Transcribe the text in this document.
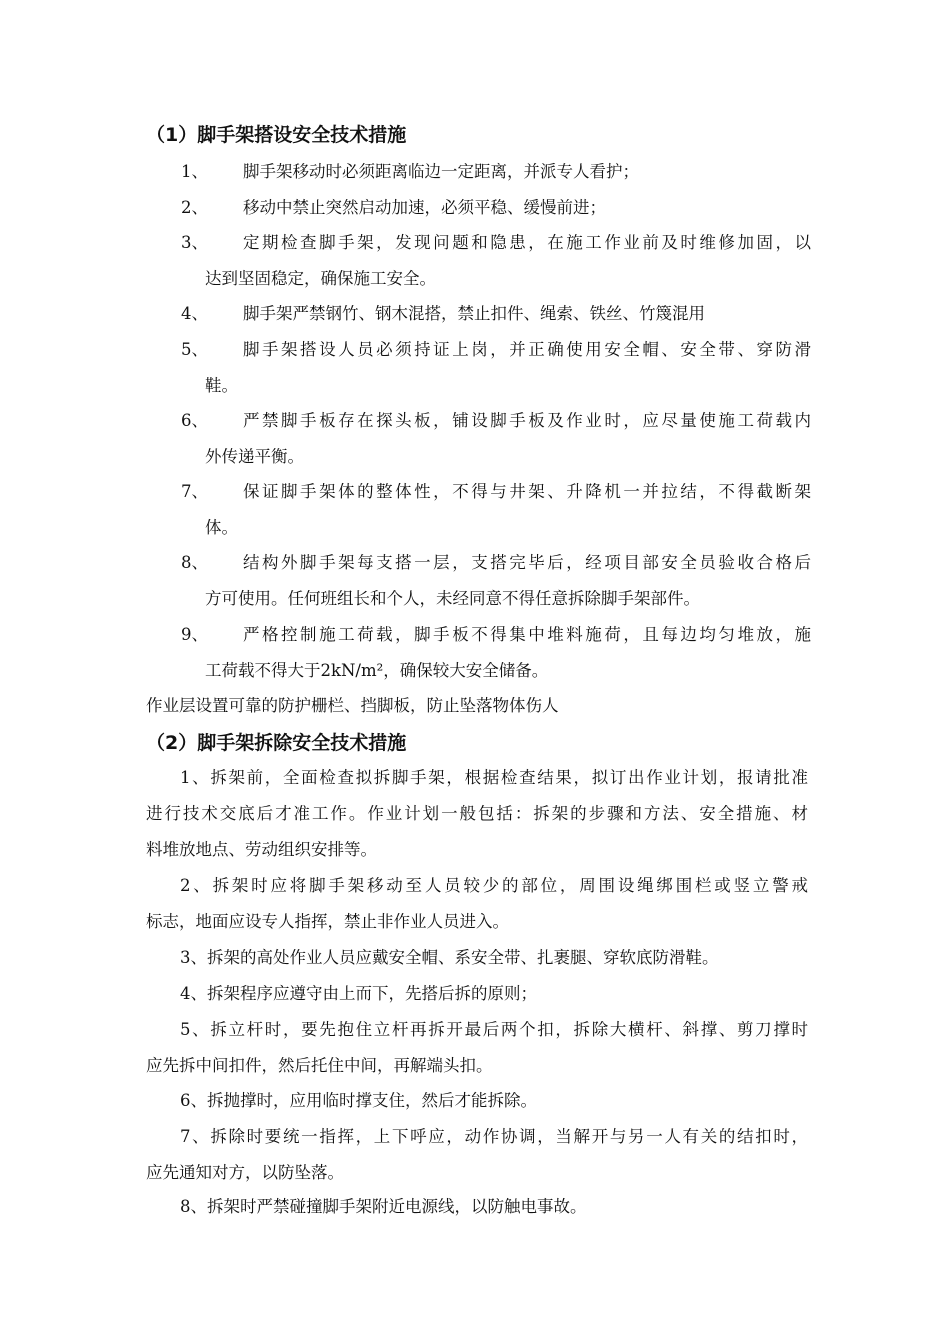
（1）脚手架搭设安全技术措施
1、	脚手架移动时必须距离临边一定距离，并派专人看护；
2、	移动中禁止突然启动加速，必须平稳、缓慢前进；
3、	定期检查脚手架，发现问题和隐患，在施工作业前及时维修加固，以
达到坚固稳定，确保施工安全。
4、	脚手架严禁钢竹、钢木混搭，禁止扣件、绳索、铁丝、竹篾混用
5、	脚手架搭设人员必须持证上岗，并正确使用安全帽、安全带、穿防滑
鞋。
6、	严禁脚手板存在探头板，铺设脚手板及作业时，应尽量使施工荷载内
外传递平衡。
7、	保证脚手架体的整体性，不得与井架、升降机一并拉结，不得截断架
体。
8、	结构外脚手架每支搭一层，支搭完毕后，经项目部安全员验收合格后
方可使用。任何班组长和个人，未经同意不得任意拆除脚手架部件。
9、	严格控制施工荷载，脚手板不得集中堆料施荷，且每边均匀堆放，施
工荷载不得大于2kN/m²，确保较大安全储备。
作业层设置可靠的防护栅栏、挡脚板，防止坠落物体伤人
（2）脚手架拆除安全技术措施
1、拆架前，全面检查拟拆脚手架，根据检查结果，拟订出作业计划，报请批准
进行技术交底后才准工作。作业计划一般包括：拆架的步骤和方法、安全措施、材
料堆放地点、劳动组织安排等。
2、拆架时应将脚手架移动至人员较少的部位，周围设绳绑围栏或竖立警戒
标志，地面应设专人指挥，禁止非作业人员进入。
3、拆架的高处作业人员应戴安全帽、系安全带、扎裹腿、穿软底防滑鞋。
4、拆架程序应遵守由上而下，先搭后拆的原则；
5、拆立杆时，要先抱住立杆再拆开最后两个扣，拆除大横杆、斜撑、剪刀撑时
应先拆中间扣件，然后托住中间，再解端头扣。
6、拆抛撑时，应用临时撑支住，然后才能拆除。
7、拆除时要统一指挥，上下呼应，动作协调，当解开与另一人有关的结扣时，
应先通知对方，以防坠落。
8、拆架时严禁碰撞脚手架附近电源线，以防触电事故。
